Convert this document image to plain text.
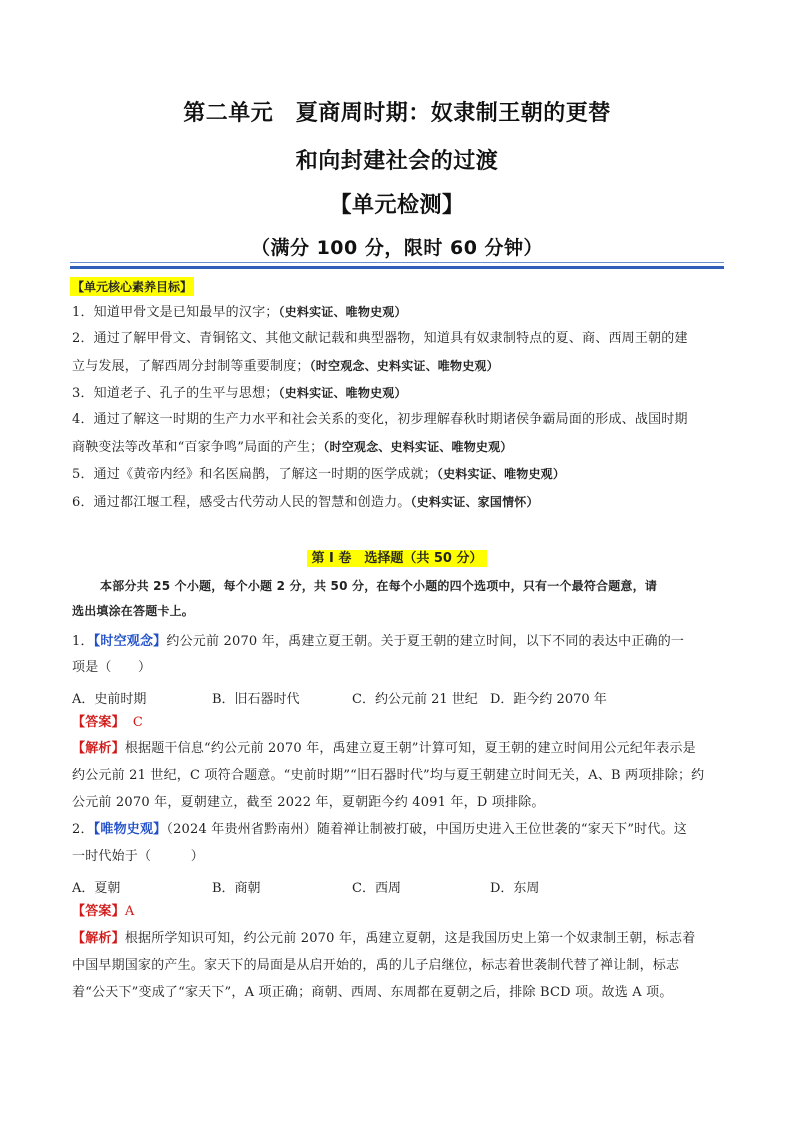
第二单元　夏商周时期：奴隶制王朝的更替
和向封建社会的过渡
【单元检测】
（满分 100 分，限时 60 分钟）
【单元核心素养目标】
1．知道甲骨文是已知最早的汉字；（史料实证、唯物史观）
2．通过了解甲骨文、青铜铭文、其他文献记载和典型器物，知道具有奴隶制特点的夏、商、西周王朝的建
立与发展，了解西周分封制等重要制度；（时空观念、史料实证、唯物史观）
3．知道老子、孔子的生平与思想；（史料实证、唯物史观）
4．通过了解这一时期的生产力水平和社会关系的变化，初步理解春秋时期诸侯争霸局面的形成、战国时期
商鞅变法等改革和“百家争鸣”局面的产生；（时空观念、史料实证、唯物史观）
5．通过《黄帝内经》和名医扁鹊，了解这一时期的医学成就；（史料实证、唯物史观）
6．通过都江堰工程，感受古代劳动人民的智慧和创造力。（史料实证、家国情怀）
第 I 卷　选择题（共 50 分）
本部分共 25 个小题，每个小题 2 分，共 50 分，在每个小题的四个选项中，只有一个最符合题意，请
选出填涂在答题卡上。
1．【时空观念】约公元前 2070 年，禹建立夏王朝。关于夏王朝的建立时间，以下不同的表达中正确的一
项是（　　）
A．史前时期	B．旧石器时代	C．约公元前 21 世纪 D．距今约 2070 年
【答案】 C
【解析】根据题干信息“约公元前 2070 年，禹建立夏王朝”计算可知，夏王朝的建立时间用公元纪年表示是
约公元前 21 世纪，C 项符合题意。“史前时期”“旧石器时代”均与夏王朝建立时间无关，A、B 两项排除；约
公元前 2070 年，夏朝建立，截至 2022 年，夏朝距今约 4091 年，D 项排除。
2．【唯物史观】（2024 年贵州省黔南州）随着禅让制被打破，中国历史进入王位世袭的“家天下”时代。这
一时代始于（　　　）
A．夏朝	B．商朝	C．西周	D．东周
【答案】A
【解析】根据所学知识可知，约公元前 2070 年，禹建立夏朝，这是我国历史上第一个奴隶制王朝，标志着
中国早期国家的产生。家天下的局面是从启开始的，禹的儿子启继位，标志着世袭制代替了禅让制，标志
着“公天下”变成了“家天下”，A 项正确；商朝、西周、东周都在夏朝之后，排除 BCD 项。故选 A 项。
